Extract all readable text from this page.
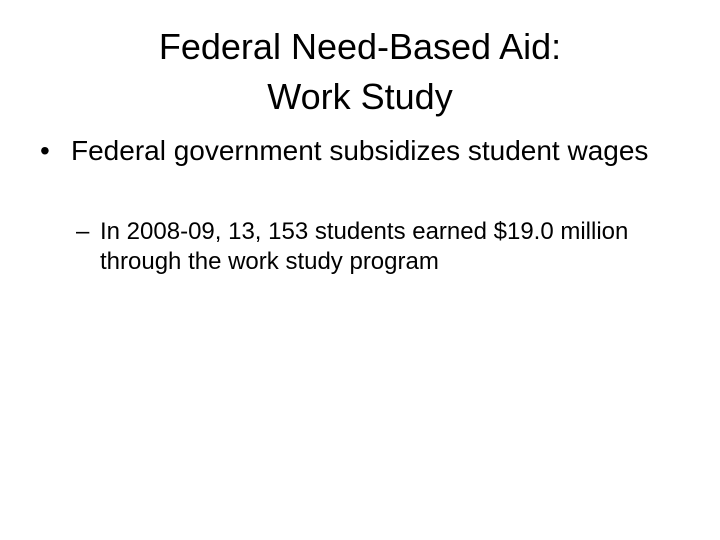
Federal Need-Based Aid:
Work Study
• Federal government subsidizes student wages
– In 2008-09, 13, 153 students earned $19.0 million through the work study program
